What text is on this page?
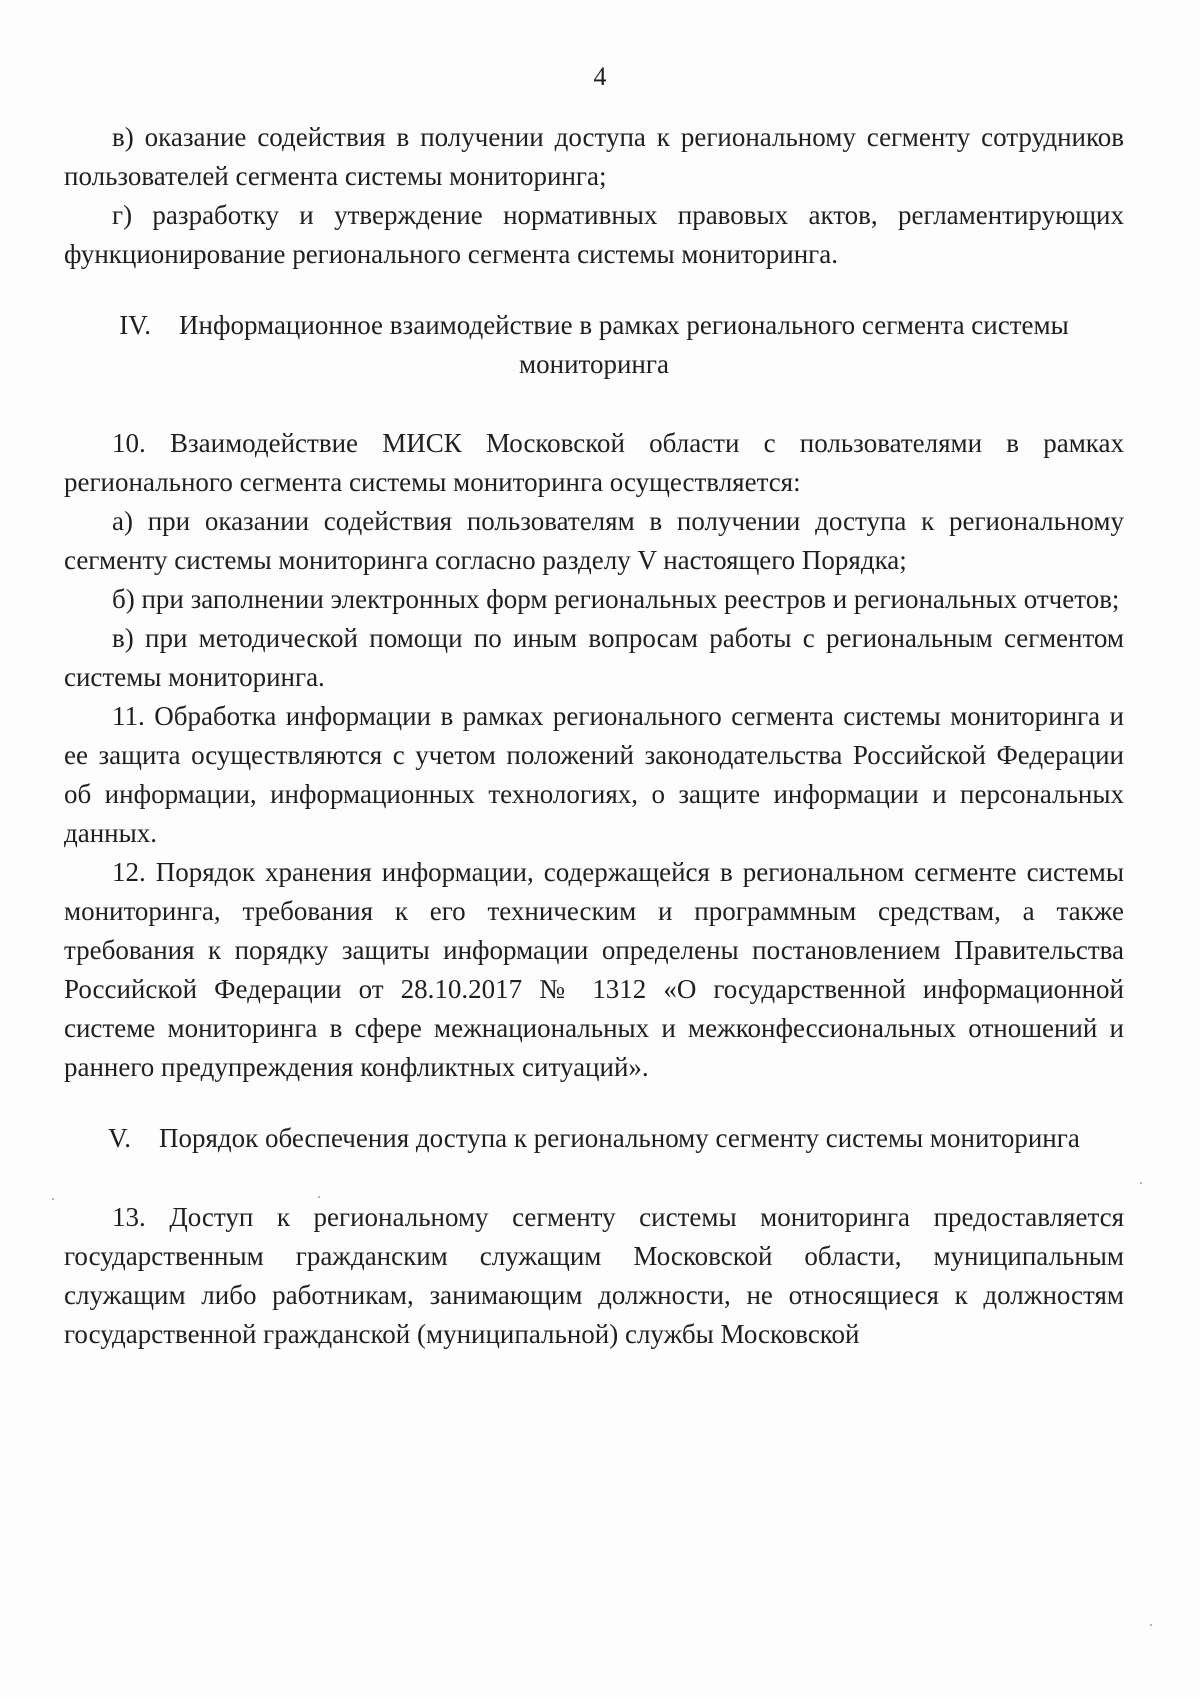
4

в) оказание содействия в получении доступа к региональному сегменту сотрудников пользователей сегмента системы мониторинга;

г) разработку и утверждение нормативных правовых актов, регламентирующих функционирование регионального сегмента системы мониторинга.

IV. Информационное взаимодействие в рамках регионального сегмента системы мониторинга

10. Взаимодействие МИСК Московской области с пользователями в рамках регионального сегмента системы мониторинга осуществляется:

а) при оказании содействия пользователям в получении доступа к региональному сегменту системы мониторинга согласно разделу V настоящего Порядка;

б) при заполнении электронных форм региональных реестров и региональных отчетов;

в) при методической помощи по иным вопросам работы с региональным сегментом системы мониторинга.

11. Обработка информации в рамках регионального сегмента системы мониторинга и ее защита осуществляются с учетом положений законодательства Российской Федерации об информации, информационных технологиях, о защите информации и персональных данных.

12. Порядок хранения информации, содержащейся в региональном сегменте системы мониторинга, требования к его техническим и программным средствам, а также требования к порядку защиты информации определены постановлением Правительства Российской Федерации от 28.10.2017 № 1312 «О государственной информационной системе мониторинга в сфере межнациональных и межконфессиональных отношений и раннего предупреждения конфликтных ситуаций».

V. Порядок обеспечения доступа к региональному сегменту системы мониторинга

13. Доступ к региональному сегменту системы мониторинга предоставляется государственным гражданским служащим Московской области, муниципальным служащим либо работникам, занимающим должности, не относящиеся к должностям государственной гражданской (муниципальной) службы Московской
